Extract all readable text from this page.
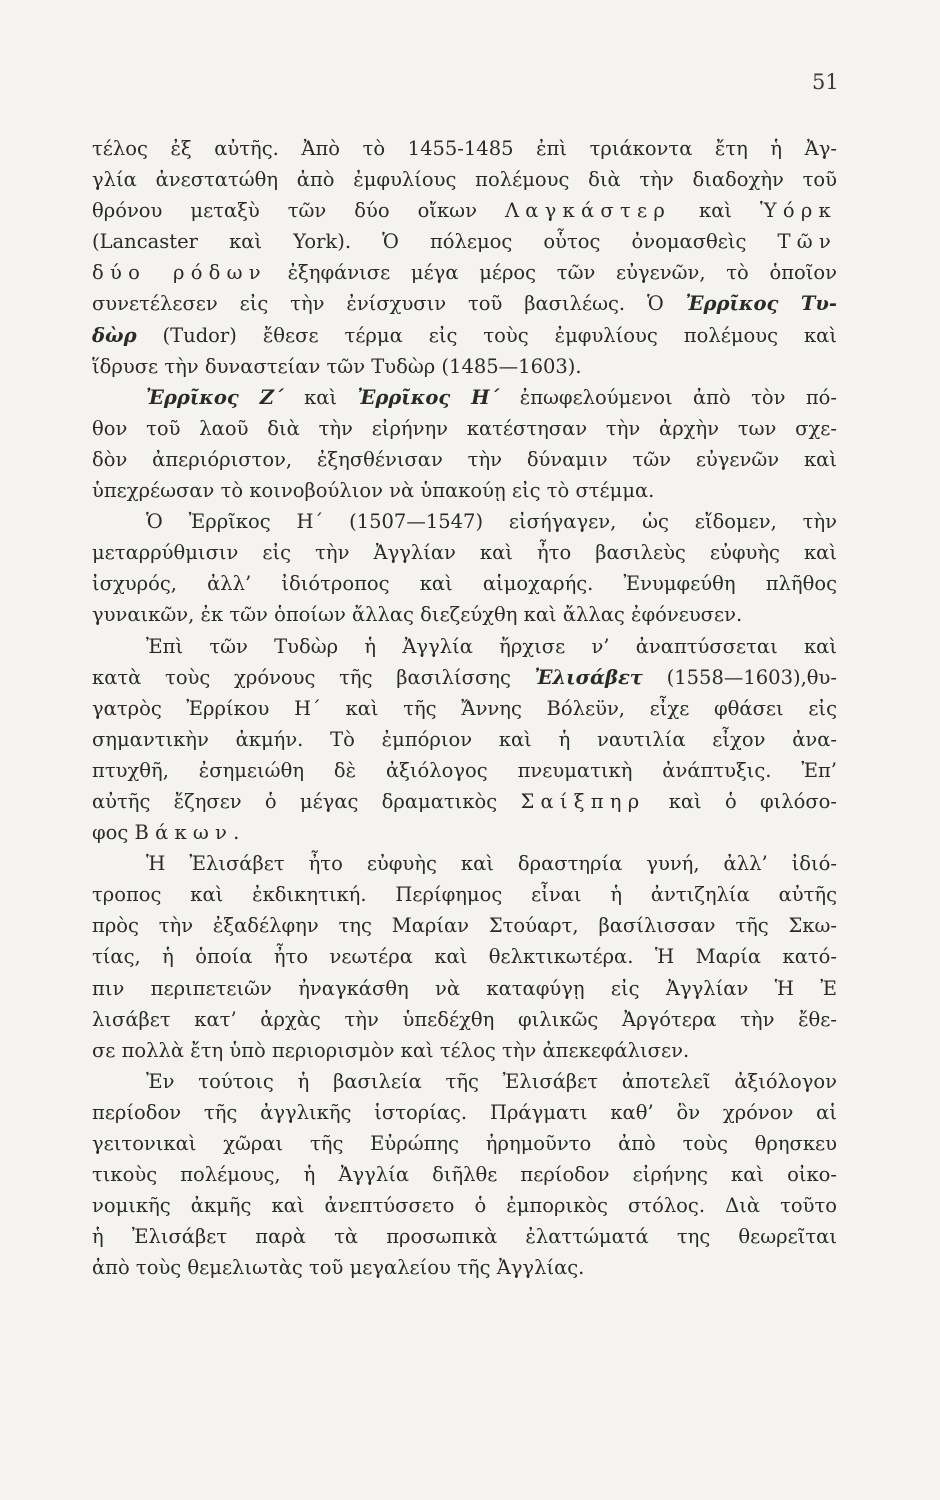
51
τέλος ἐξ αὐτῆς. Ἀπὸ τὸ 1455-1485 ἐπὶ τριάκοντα ἔτη ἡ Ἀγ-
γλία ἀνεστατώθη ἀπὸ ἐμφυλίους πολέμους διὰ τὴν διαδοχὴν τοῦ
θρόνου μεταξὺ τῶν δύο οἴκων Λαγκάστερ καὶ Ὑόρκ
(Lancaster καὶ York). Ὁ πόλεμος οὗτος ὀνομασθεὶς Τῶν
δύο ρόδων ἐξηφάνισε μέγα μέρος τῶν εὐγενῶν, τὸ ὁποῖον
συνετέλεσεν εἰς τὴν ἐνίσχυσιν τοῦ βασιλέως. Ὁ Ἐρρῖκος Τυ-
δὼρ (Tudor) ἔθεσε τέρμα εἰς τοὺς ἐμφυλίους πολέμους καὶ
ἵδρυσε τὴν δυναστείαν τῶν Τυδὼρ (1485—1603).
Ἐρρῖκος Ζ΄ καὶ Ἐρρῖκος Η΄ ἐπωφελούμενοι ἀπὸ τὸν πό-
θον τοῦ λαοῦ διὰ τὴν εἰρήνην κατέστησαν τὴν ἀρχὴν των σχε-
δὸν ἀπεριόριστον, ἐξησθένισαν τὴν δύναμιν τῶν εὐγενῶν καὶ
ὑπεχρέωσαν τὸ κοινοβούλιον νὰ ὑπακούῃ εἰς τὸ στέμμα.
Ὁ Ἐρρῖκος Η΄ (1507—1547) εἰσήγαγεν, ὡς εἴδομεν, τὴν
μεταρρύθμισιν εἰς τὴν Ἀγγλίαν καὶ ἦτο βασιλεὺς εὐφυὴς καὶ
ἰσχυρός, ἀλλ’ ἰδιότροπος καὶ αἱμοχαρής. Ἐνυμφεύθη πλῆθος
γυναικῶν, ἐκ τῶν ὁποίων ἄλλας διεζεύχθη καὶ ἄλλας ἐφόνευσεν.
Ἐπὶ τῶν Τυδὼρ ἡ Ἀγγλία ἤρχισε ν’ ἀναπτύσσεται καὶ
κατὰ τοὺς χρόνους τῆς βασιλίσσης Ἐλισάβετ (1558—1603),θυ-
γατρὸς Ἐρρίκου Η΄ καὶ τῆς Ἄννης Βόλεϋν, εἶχε φθάσει εἰς
σημαντικὴν ἀκμήν. Τὸ ἐμπόριον καὶ ἡ ναυτιλία εἶχον ἀνα-
πτυχθῆ, ἐσημειώθη δὲ ἀξιόλογος πνευματικὴ ἀνάπτυξις. Ἐπ’
αὐτῆς ἔζησεν ὁ μέγας δραματικὸς Σαίξπηρ καὶ ὁ φιλόσο-
φος Βάκων.
Ἡ Ἐλισάβετ ἦτο εὐφυὴς καὶ δραστηρία γυνή, ἀλλ’ ἰδιό-
τροπος καὶ ἐκδικητική. Περίφημος εἶναι ἡ ἀντιζηλία αὐτῆς
πρὸς τὴν ἐξαδέλφην της Μαρίαν Στούαρτ, βασίλισσαν τῆς Σκω-
τίας, ἡ ὁποία ἦτο νεωτέρα καὶ θελκτικωτέρα. Ἡ Μαρία κατό-
πιν περιπετειῶν ἠναγκάσθη νὰ καταφύγῃ εἰς Ἀγγλίαν Ἡ Ἐ
λισάβετ κατ’ ἀρχὰς τὴν ὑπεδέχθη φιλικῶς Ἀργότερα τὴν ἔθε-
σε πολλὰ ἔτη ὑπὸ περιορισμὸν καὶ τέλος τὴν ἀπεκεφάλισεν.
Ἐν τούτοις ἡ βασιλεία τῆς Ἐλισάβετ ἀποτελεῖ ἀξιόλογον
περίοδον τῆς ἀγγλικῆς ἱστορίας. Πράγματι καθ’ ὃν χρόνον αἱ
γειτονικαὶ χῶραι τῆς Εὐρώπης ἠρημοῦντο ἀπὸ τοὺς θρησκευ
τικοὺς πολέμους, ἡ Ἀγγλία διῆλθε περίοδον εἰρήνης καὶ οἰκο-
νομικῆς ἀκμῆς καὶ ἀνεπτύσσετο ὁ ἐμπορικὸς στόλος. Διὰ τοῦτο
ἡ Ἐλισάβετ παρὰ τὰ προσωπικὰ ἐλαττώματά της θεωρεῖται
ἀπὸ τοὺς θεμελιωτὰς τοῦ μεγαλείου τῆς Ἀγγλίας.
